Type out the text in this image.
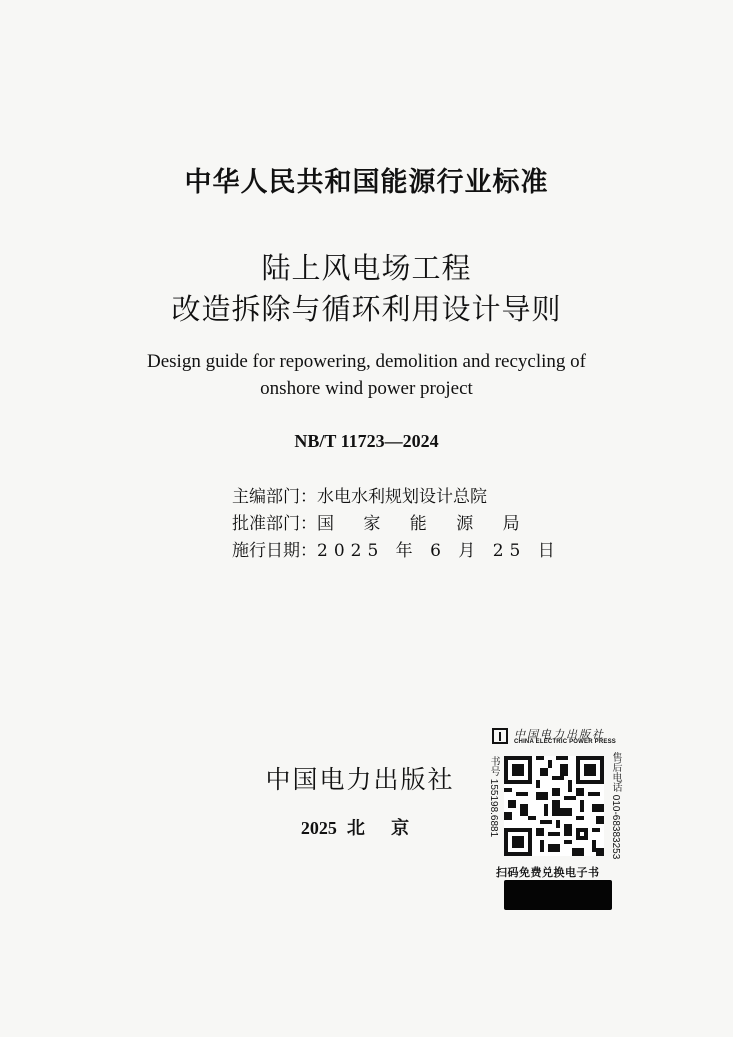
中华人民共和国能源行业标准
陆上风电场工程
改造拆除与循环利用设计导则
Design guide for repowering, demolition and recycling of
onshore wind power project
NB/T 11723—2024
主编部门：水电水利规划设计总院
批准部门：国 家 能 源 局
施行日期：2025 年 6 月 25 日
中国电力出版社
2025 北 京
中国电力出版社
CHINA ELECTRIC POWER PRESS
书号 155198.6881	售后电话 010-68383253
扫码免费兑换电子书
